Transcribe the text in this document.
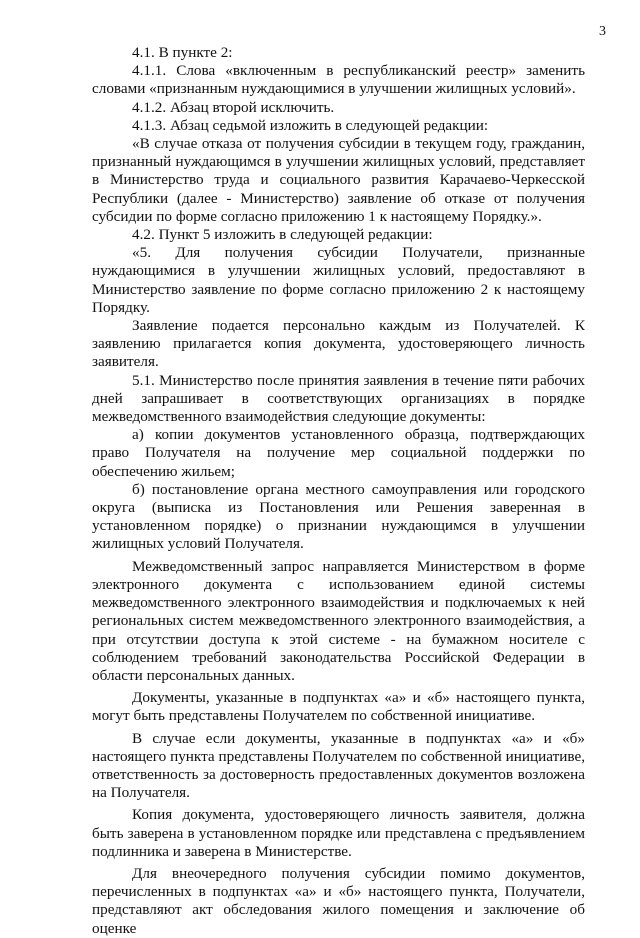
3

4.1. В пункте 2:

4.1.1. Слова «включенным в республиканский реестр» заменить словами «признанным нуждающимися в улучшении жилищных условий».

4.1.2. Абзац второй исключить.

4.1.3. Абзац седьмой изложить в следующей редакции:

«В случае отказа от получения субсидии в текущем году, гражданин, признанный нуждающимся в улучшении жилищных условий, представляет в Министерство труда и социального развития Карачаево-Черкесской Республики (далее - Министерство) заявление об отказе от получения субсидии по форме согласно приложению 1 к настоящему Порядку.».

4.2. Пункт 5 изложить в следующей редакции:

«5. Для получения субсидии Получатели, признанные нуждающимися в улучшении жилищных условий, предоставляют в Министерство заявление по форме согласно приложению 2 к настоящему Порядку.

Заявление подается персонально каждым из Получателей. К заявлению прилагается копия документа, удостоверяющего личность заявителя.

5.1. Министерство после принятия заявления в течение пяти рабочих дней запрашивает в соответствующих организациях в порядке межведомственного взаимодействия следующие документы:

а) копии документов установленного образца, подтверждающих право Получателя на получение мер социальной поддержки по обеспечению жильем;

б) постановление органа местного самоуправления или городского округа (выписка из Постановления или Решения заверенная в установленном порядке) о признании нуждающимся в улучшении жилищных условий Получателя.

Межведомственный запрос направляется Министерством в форме электронного документа с использованием единой системы межведомственного электронного взаимодействия и подключаемых к ней региональных систем межведомственного электронного взаимодействия, а при отсутствии доступа к этой системе - на бумажном носителе с соблюдением требований законодательства Российской Федерации в области персональных данных.

Документы, указанные в подпунктах «а» и «б» настоящего пункта, могут быть представлены Получателем по собственной инициативе.

В случае если документы, указанные в подпунктах «а» и «б» настоящего пункта представлены Получателем по собственной инициативе, ответственность за достоверность предоставленных документов возложена на Получателя.

Копия документа, удостоверяющего личность заявителя, должна быть заверена в установленном порядке или представлена с предъявлением подлинника и заверена в Министерстве.

Для внеочередного получения субсидии помимо документов, перечисленных в подпунктах «а» и «б» настоящего пункта, Получатели, представляют акт обследования жилого помещения и заключение об оценке
